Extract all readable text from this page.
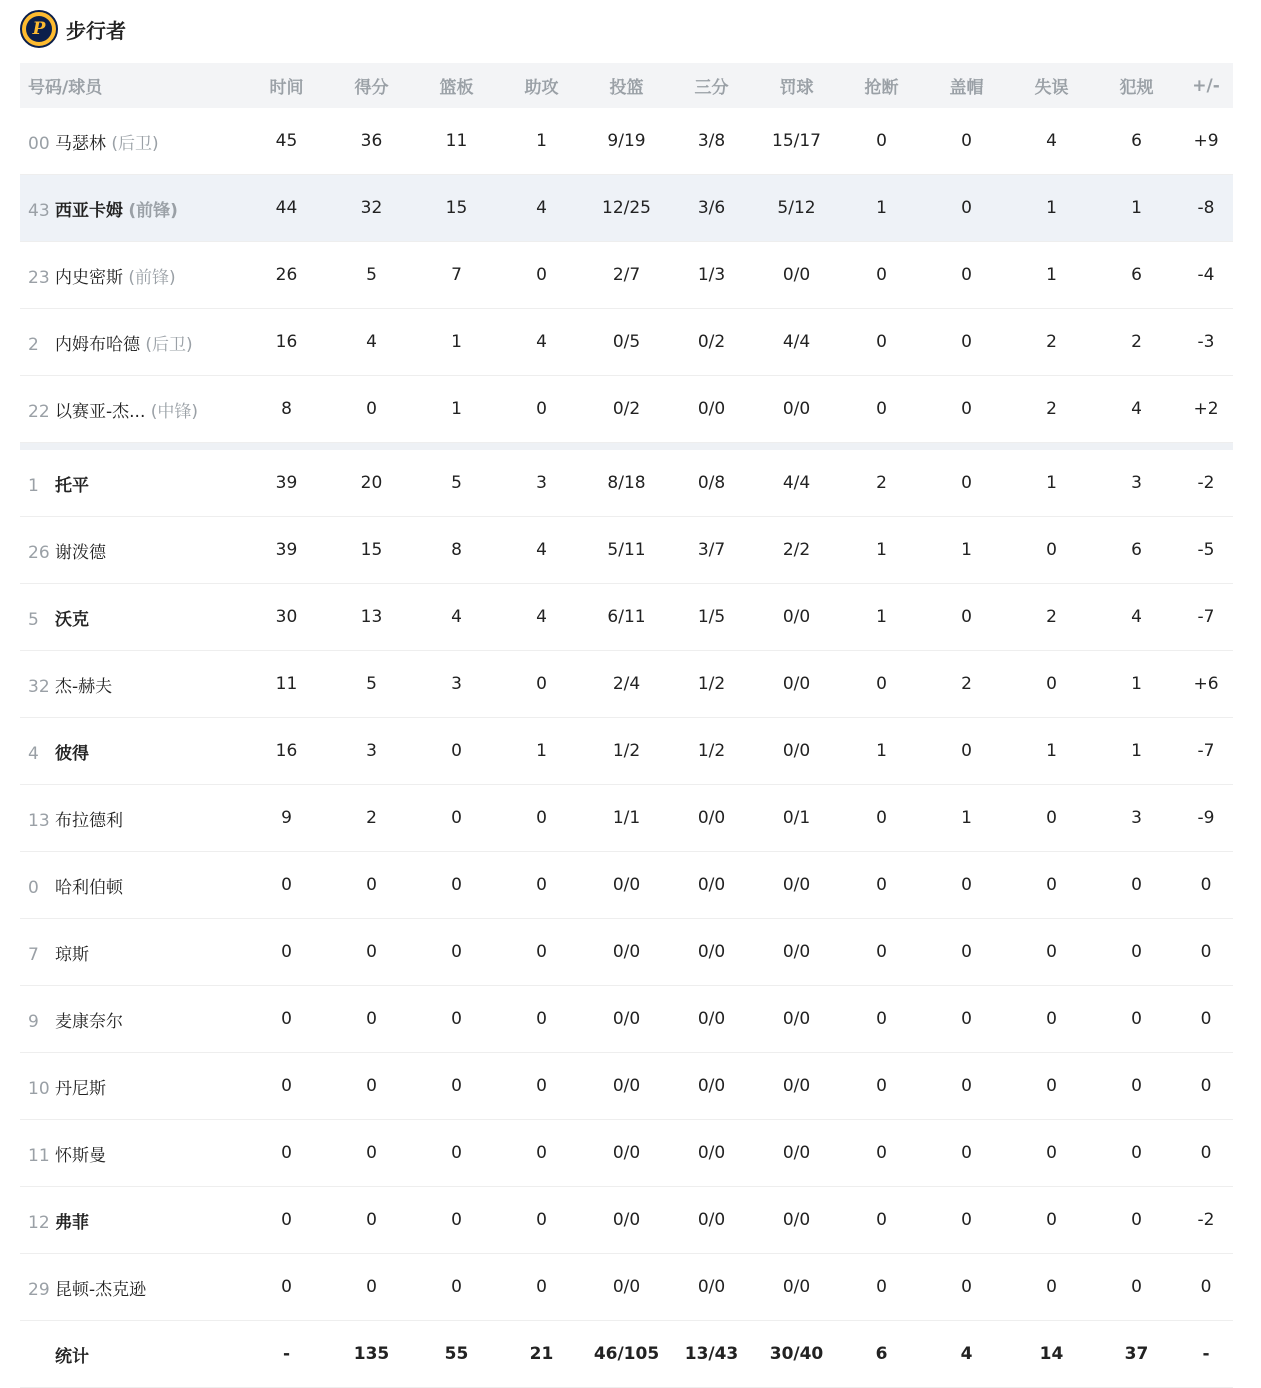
P 步行者
号码/球员	时间	得分	篮板	助攻	投篮	三分	罚球	抢断	盖帽	失误	犯规	+/-
00 马瑟林 (后卫)	45	36	11	1	9/19	3/8	15/17	0	0	4	6	+9
43 西亚卡姆 (前锋)	44	32	15	4	12/25	3/6	5/12	1	0	1	1	-8
23 内史密斯 (前锋)	26	5	7	0	2/7	1/3	0/0	0	0	1	6	-4
2 内姆布哈德 (后卫)	16	4	1	4	0/5	0/2	4/4	0	0	2	2	-3
22 以赛亚-杰... (中锋)	8	0	1	0	0/2	0/0	0/0	0	0	2	4	+2

1 托平	39	20	5	3	8/18	0/8	4/4	2	0	1	3	-2
26 谢泼德	39	15	8	4	5/11	3/7	2/2	1	1	0	6	-5
5 沃克	30	13	4	4	6/11	1/5	0/0	1	0	2	4	-7
32 杰-赫夫	11	5	3	0	2/4	1/2	0/0	0	2	0	1	+6
4 彼得	16	3	0	1	1/2	1/2	0/0	1	0	1	1	-7
13 布拉德利	9	2	0	0	1/1	0/0	0/1	0	1	0	3	-9
0 哈利伯顿	0	0	0	0	0/0	0/0	0/0	0	0	0	0	0
7 琼斯	0	0	0	0	0/0	0/0	0/0	0	0	0	0	0
9 麦康奈尔	0	0	0	0	0/0	0/0	0/0	0	0	0	0	0
10 丹尼斯	0	0	0	0	0/0	0/0	0/0	0	0	0	0	0
11 怀斯曼	0	0	0	0	0/0	0/0	0/0	0	0	0	0	0
12 弗菲	0	0	0	0	0/0	0/0	0/0	0	0	0	0	-2
29 昆顿-杰克逊	0	0	0	0	0/0	0/0	0/0	0	0	0	0	0
统计	-	135	55	21	46/105	13/43	30/40	6	4	14	37	-
